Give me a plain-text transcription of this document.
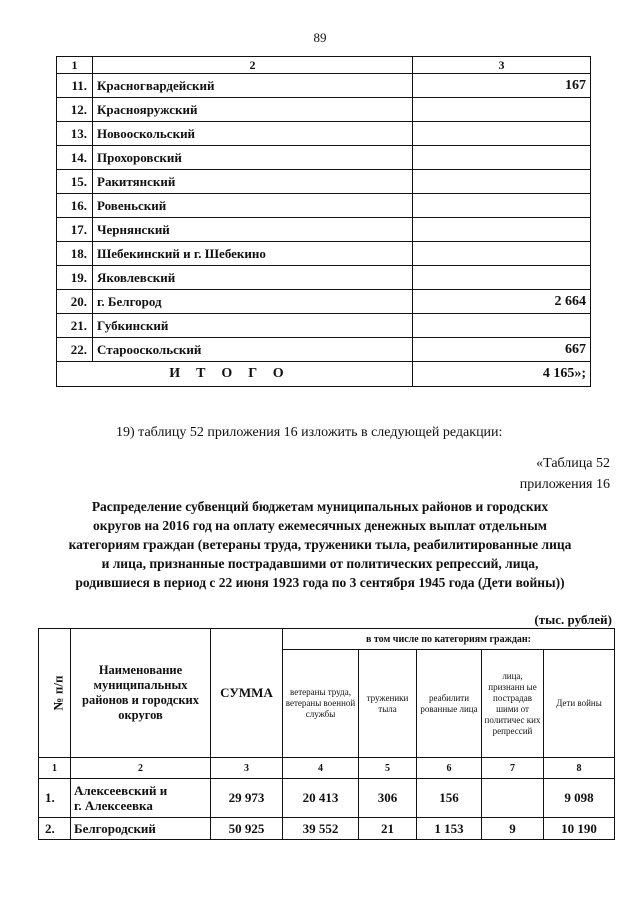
89
1	2	3
11.	Красногвардейский	167
12.	Краснояружский	
13.	Новооскольский	
14.	Прохоровский	
15.	Ракитянский	
16.	Ровеньский	
17.	Чернянский	
18.	Шебекинский и г. Шебекино	
19.	Яковлевский	
20.	г. Белгород	2 664
21.	Губкинский	
22.	Старооскольский	667
ИТОГО		4 165»;
19) таблицу 52 приложения 16 изложить в следующей редакции:
«Таблица 52
приложения 16
Распределение субвенций бюджетам муниципальных районов и городских
округов на 2016 год на оплату ежемесячных денежных выплат отдельным
категориям граждан (ветераны труда, труженики тыла, реабилитированные лица
и лица, признанные пострадавшими от политических репрессий, лица,
родившиеся в период с 22 июня 1923 года по 3 сентября 1945 года (Дети войны))
(тыс. рублей)
№ п/п	Наименование муниципальных районов и городских округов	СУММА	в том числе по категориям граждан:				
			ветераны труда, ветераны военной службы	труженики тыла	реабилити рованные лица	лица, признанн ые пострадав шими от политичес ких репрессий	Дети войны
1	2	3	4	5	6	7	8
1.	Алексеевский и
г. Алексеевка	29 973	20 413	306	156		9 098
2.	Белгородский	50 925	39 552	21	1 153	9	10 190
